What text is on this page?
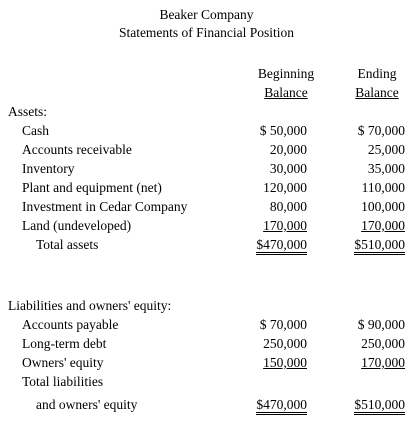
Beaker Company
Statements of Financial Position
Beginning
Balance
Ending
Balance
Assets:
Cash	$ 50,000	$ 70,000
Accounts receivable	20,000	25,000
Inventory	30,000	35,000
Plant and equipment (net)	120,000	110,000
Investment in Cedar Company	80,000	100,000
Land (undeveloped)	170,000	170,000
Total assets	$470,000	$510,000
Liabilities and owners' equity:
Accounts payable	$ 70,000	$ 90,000
Long-term debt	250,000	250,000
Owners' equity	150,000	170,000
Total liabilities
and owners' equity	$470,000	$510,000
